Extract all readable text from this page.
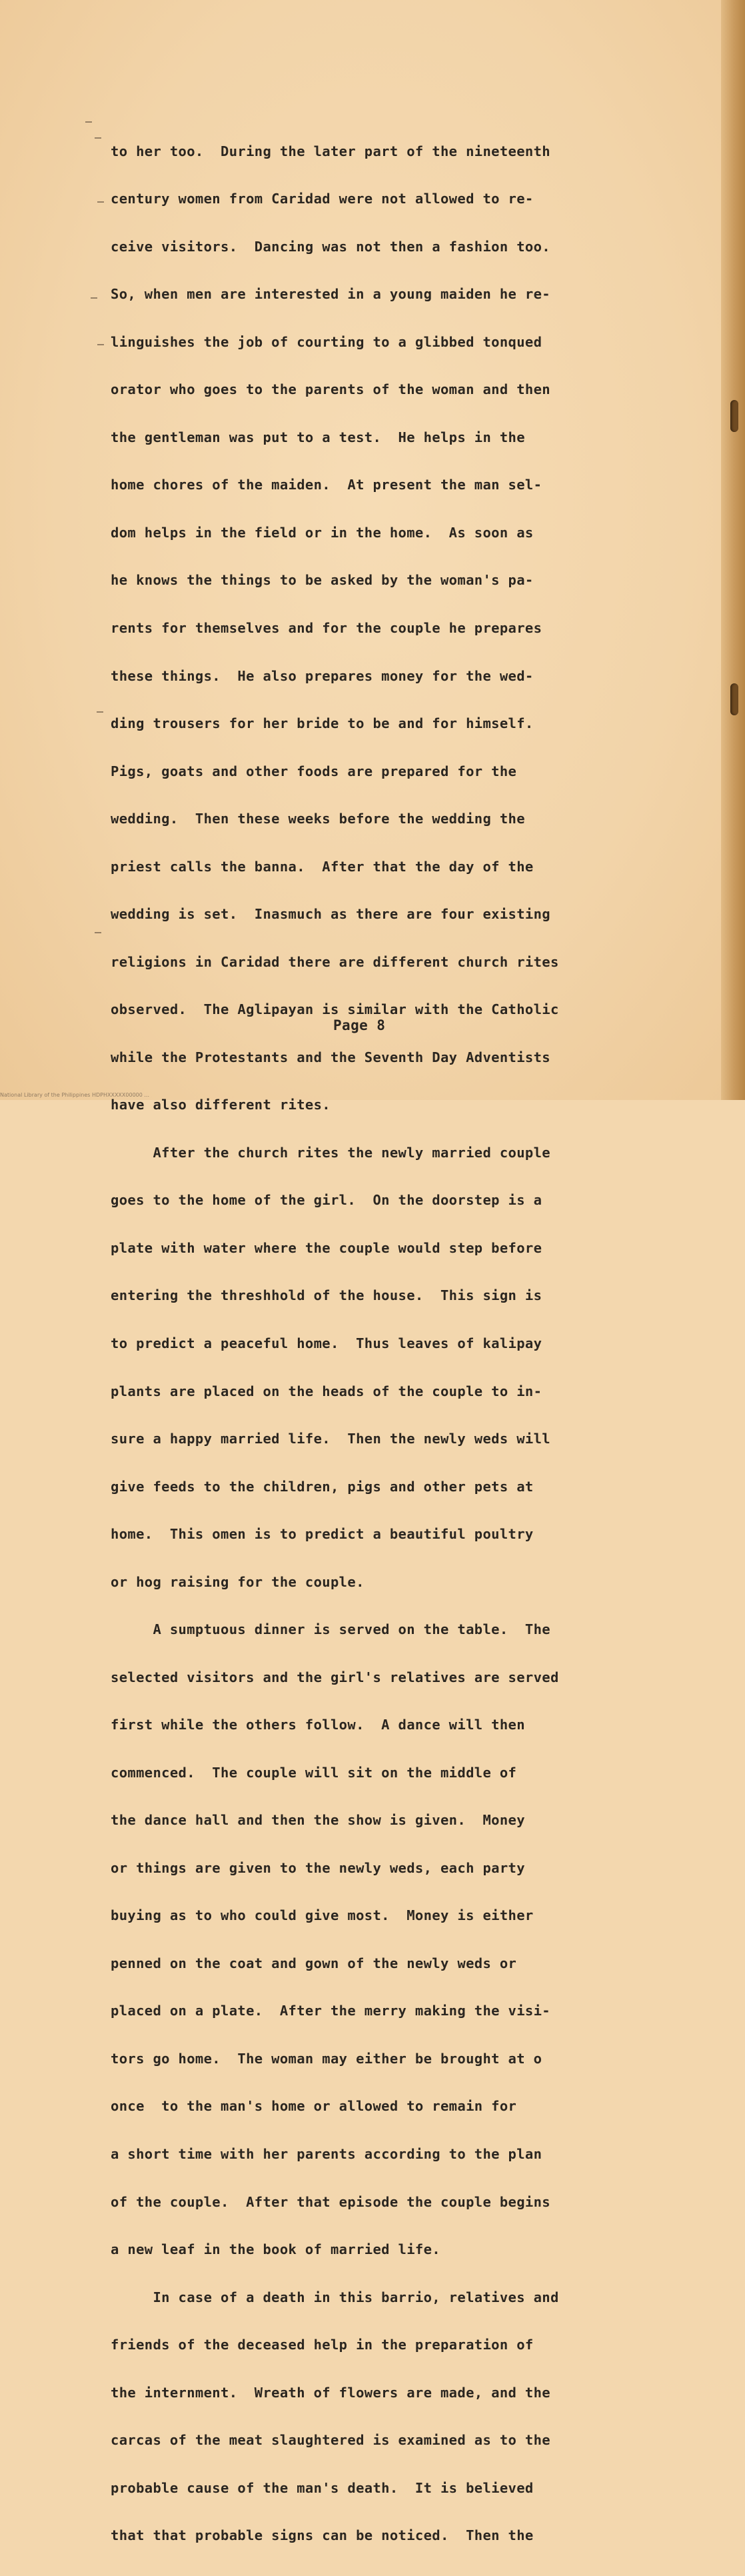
to her too.  During the later part of the nineteenth

century women from Caridad were not allowed to re-

ceive visitors.  Dancing was not then a fashion too.

So, when men are interested in a young maiden he re-

linguishes the job of courting to a glibbed tonqued

orator who goes to the parents of the woman and then

the gentleman was put to a test.  He helps in the

home chores of the maiden.  At present the man sel-

dom helps in the field or in the home.  As soon as

he knows the things to be asked by the woman's pa-

rents for themselves and for the couple he prepares

these things.  He also prepares money for the wed-

ding trousers for her bride to be and for himself.

Pigs, goats and other foods are prepared for the

wedding.  Then these weeks before the wedding the

priest calls the banna.  After that the day of the

wedding is set.  Inasmuch as there are four existing

religions in Caridad there are different church rites

observed.  The Aglipayan is similar with the Catholic

while the Protestants and the Seventh Day Adventists

have also different rites.

After the church rites the newly married couple

goes to the home of the girl.  On the doorstep is a

plate with water where the couple would step before

entering the threshhold of the house.  This sign is

to predict a peaceful home.  Thus leaves of kalipay

plants are placed on the heads of the couple to in-

sure a happy married life.  Then the newly weds will

give feeds to the children, pigs and other pets at

home.  This omen is to predict a beautiful poultry

or hog raising for the couple.

A sumptuous dinner is served on the table.  The

selected visitors and the girl's relatives are served

first while the others follow.  A dance will then

commenced.  The couple will sit on the middle of

the dance hall and then the show is given.  Money

or things are given to the newly weds, each party

buying as to who could give most.  Money is either

penned on the coat and gown of the newly weds or

placed on a plate.  After the merry making the visi-

tors go home.  The woman may either be brought at o

once  to the man's home or allowed to remain for

a short time with her parents according to the plan

of the couple.  After that episode the couple begins

a new leaf in the book of married life.

In case of a death in this barrio, relatives and

friends of the deceased help in the preparation of

the internment.  Wreath of flowers are made, and the

carcas of the meat slaughtered is examined as to the

probable cause of the man's death.  It is believed

that that probable signs can be noticed.  Then the

Page 8
National Library of the Philippines HDPHXXXXX00000 ...
